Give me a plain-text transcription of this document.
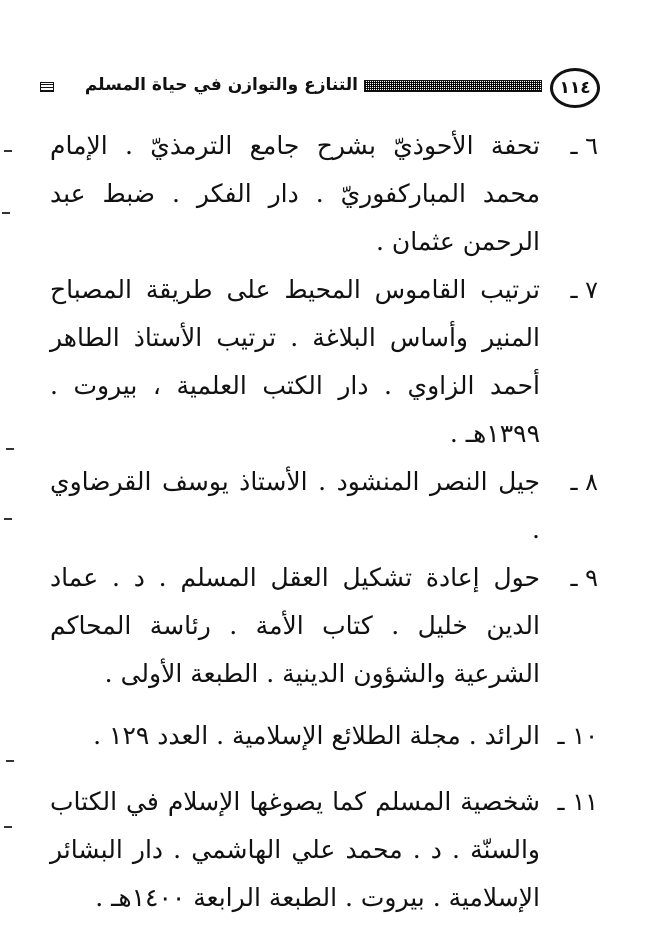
١١٤
التنازع والتوازن في حياة المسلم
٦ ـ
تحفة الأحوذيّ بشرح جامع الترمذيّ . الإمام محمد المباركفوريّ . دار الفكر . ضبط عبد الرحمن عثمان .
٧ ـ
ترتيب القاموس المحيط على طريقة المصباح المنير وأساس البلاغة . ترتيب الأستاذ الطاهر أحمد الزاوي . دار الكتب العلمية ، بيروت . ١٣٩٩هـ .
٨ ـ
جيل النصر المنشود . الأستاذ يوسف القرضاوي .
٩ ـ
حول إعادة تشكيل العقل المسلم . د . عماد الدين خليل . كتاب الأمة . رئاسة المحاكم الشرعية والشؤون الدينية . الطبعة الأولى .
١٠ ـ
الرائد . مجلة الطلائع الإسلامية . العدد ١٢٩ .
١١ ـ
شخصية المسلم كما يصوغها الإسلام في الكتاب والسنّة . د . محمد علي الهاشمي . دار البشائر الإسلامية . بيروت . الطبعة الرابعة ١٤٠٠هـ .
